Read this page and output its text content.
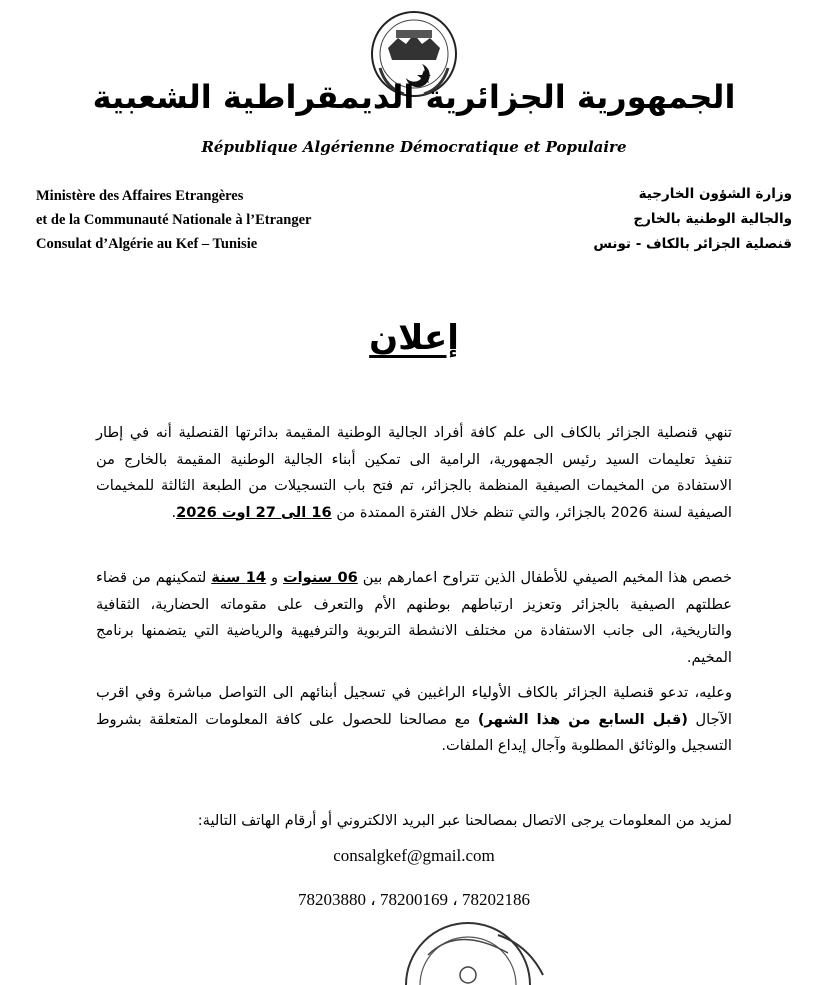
الجمهورية الجزائرية الديمقراطية الشعبية
République Algérienne Démocratique et Populaire
Ministère des Affaires Etrangères
et de la Communauté Nationale à l’Etranger
Consulat d’Algérie au Kef – Tunisie
وزارة الشؤون الخارجية
والجالية الوطنية بالخارج
قنصلية الجزائر بالكاف - تونس
إعلان
تنهي قنصلية الجزائر بالكاف الى علم كافة أفراد الجالية الوطنية المقيمة بدائرتها القنصلية أنه في إطار تنفيذ تعليمات السيد رئيس الجمهورية، الرامية الى تمكين أبناء الجالية الوطنية المقيمة بالخارج من الاستفادة من المخيمات الصيفية المنظمة بالجزائر، تم فتح باب التسجيلات من الطبعة الثالثة للمخيمات الصيفية لسنة 2026 بالجزائر، والتي تنظم خلال الفترة الممتدة من 16 الى 27 اوت 2026.
خصص هذا المخيم الصيفي للأطفال الذين تتراوح اعمارهم بين 06 سنوات و 14 سنة لتمكينهم من قضاء عطلتهم الصيفية بالجزائر وتعزيز ارتباطهم بوطنهم الأم والتعرف على مقوماته الحضارية، الثقافية والتاريخية، الى جانب الاستفادة من مختلف الانشطة التربوية والترفيهية والرياضية التي يتضمنها برنامج المخيم.
وعليه، تدعو قنصلية الجزائر بالكاف الأولياء الراغبين في تسجيل أبنائهم الى التواصل مباشرة وفي اقرب الآجال (قبل السابع من هذا الشهر) مع مصالحنا للحصول على كافة المعلومات المتعلقة بشروط التسجيل والوثائق المطلوبة وآجال إيداع الملفات.
لمزيد من المعلومات يرجى الاتصال بمصالحنا عبر البريد الالكتروني أو أرقام الهاتف التالية:
consalgkef@gmail.com
78203880 ، 78200169 ، 78202186
